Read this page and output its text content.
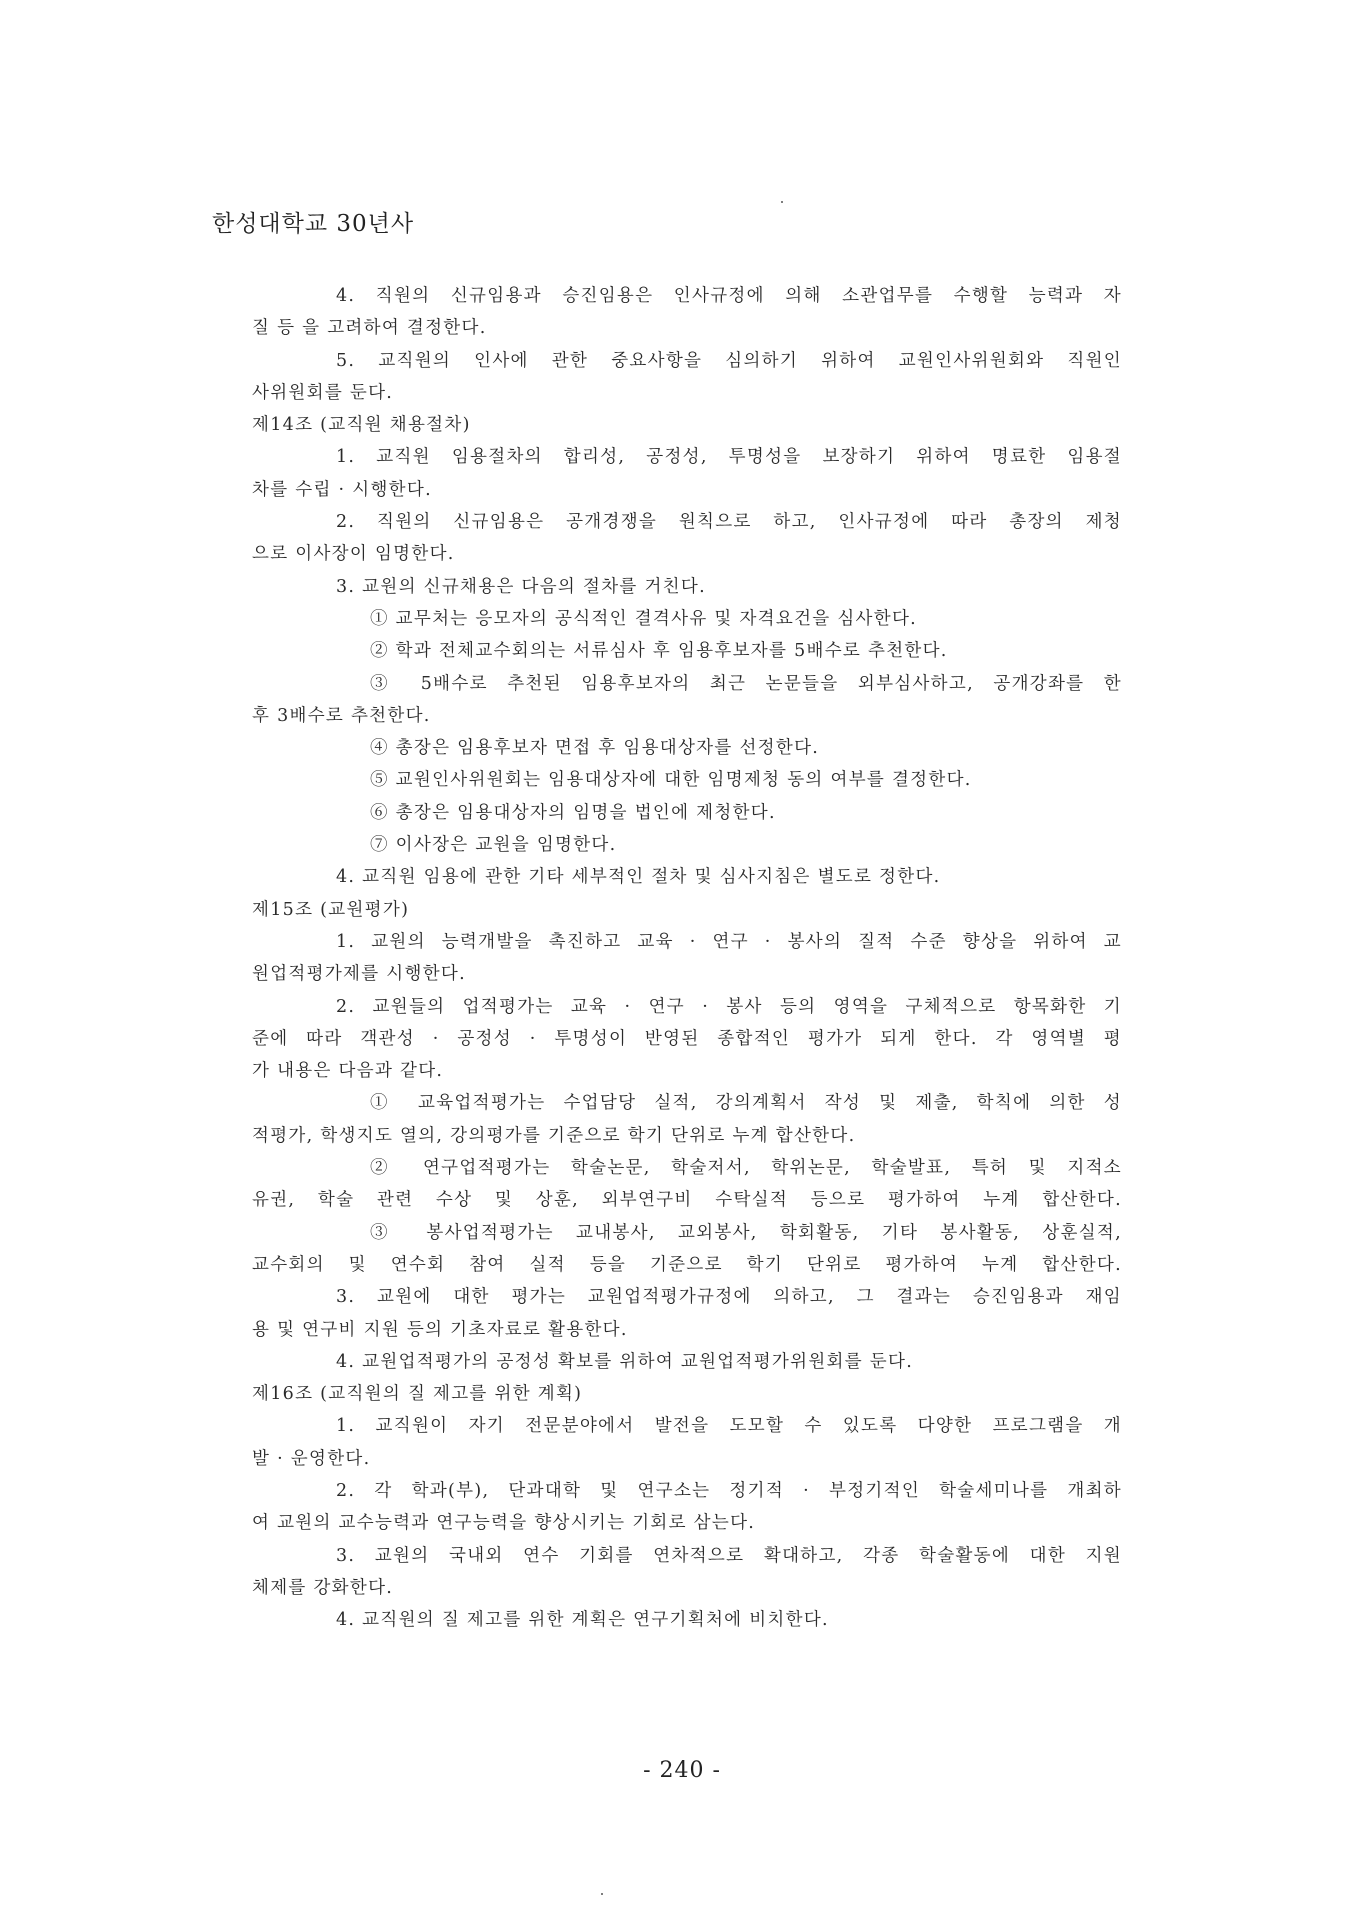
한성대학교 30년사
4. 직원의 신규임용과 승진임용은 인사규정에 의해 소관업무를 수행할 능력과 자
질 등 을 고려하여 결정한다.
5. 교직원의 인사에 관한 중요사항을 심의하기 위하여 교원인사위원회와 직원인
사위원회를 둔다.
제14조 (교직원 채용절차)
1. 교직원 임용절차의 합리성, 공정성, 투명성을 보장하기 위하여 명료한 임용절
차를 수립 · 시행한다.
2. 직원의 신규임용은 공개경쟁을 원칙으로 하고, 인사규정에 따라 총장의 제청
으로 이사장이 임명한다.
3. 교원의 신규채용은 다음의 절차를 거친다.
① 교무처는 응모자의 공식적인 결격사유 및 자격요건을 심사한다.
② 학과 전체교수회의는 서류심사 후 임용후보자를 5배수로 추천한다.
③ 5배수로 추천된 임용후보자의 최근 논문들을 외부심사하고, 공개강좌를 한
후 3배수로 추천한다.
④ 총장은 임용후보자 면접 후 임용대상자를 선정한다.
⑤ 교원인사위원회는 임용대상자에 대한 임명제청 동의 여부를 결정한다.
⑥ 총장은 임용대상자의 임명을 법인에 제청한다.
⑦ 이사장은 교원을 임명한다.
4. 교직원 임용에 관한 기타 세부적인 절차 및 심사지침은 별도로 정한다.
제15조 (교원평가)
1. 교원의 능력개발을 촉진하고 교육 · 연구 · 봉사의 질적 수준 향상을 위하여 교
원업적평가제를 시행한다.
2. 교원들의 업적평가는 교육 · 연구 · 봉사 등의 영역을 구체적으로 항목화한 기
준에 따라 객관성 · 공정성 · 투명성이 반영된 종합적인 평가가 되게 한다. 각 영역별 평
가 내용은 다음과 같다.
① 교육업적평가는 수업담당 실적, 강의계획서 작성 및 제출, 학칙에 의한 성
적평가, 학생지도 열의, 강의평가를 기준으로 학기 단위로 누계 합산한다.
② 연구업적평가는 학술논문, 학술저서, 학위논문, 학술발표, 특허 및 지적소
유권, 학술 관련 수상 및 상훈, 외부연구비 수탁실적 등으로 평가하여 누계 합산한다.
③ 봉사업적평가는 교내봉사, 교외봉사, 학회활동, 기타 봉사활동, 상훈실적,
교수회의 및 연수회 참여 실적 등을 기준으로 학기 단위로 평가하여 누계 합산한다.
3. 교원에 대한 평가는 교원업적평가규정에 의하고, 그 결과는 승진임용과 재임
용 및 연구비 지원 등의 기초자료로 활용한다.
4. 교원업적평가의 공정성 확보를 위하여 교원업적평가위원회를 둔다.
제16조 (교직원의 질 제고를 위한 계획)
1. 교직원이 자기 전문분야에서 발전을 도모할 수 있도록 다양한 프로그램을 개
발 · 운영한다.
2. 각 학과(부), 단과대학 및 연구소는 정기적 · 부정기적인 학술세미나를 개최하
여 교원의 교수능력과 연구능력을 향상시키는 기회로 삼는다.
3. 교원의 국내외 연수 기회를 연차적으로 확대하고, 각종 학술활동에 대한 지원
체제를 강화한다.
4. 교직원의 질 제고를 위한 계획은 연구기획처에 비치한다.
- 240 -
